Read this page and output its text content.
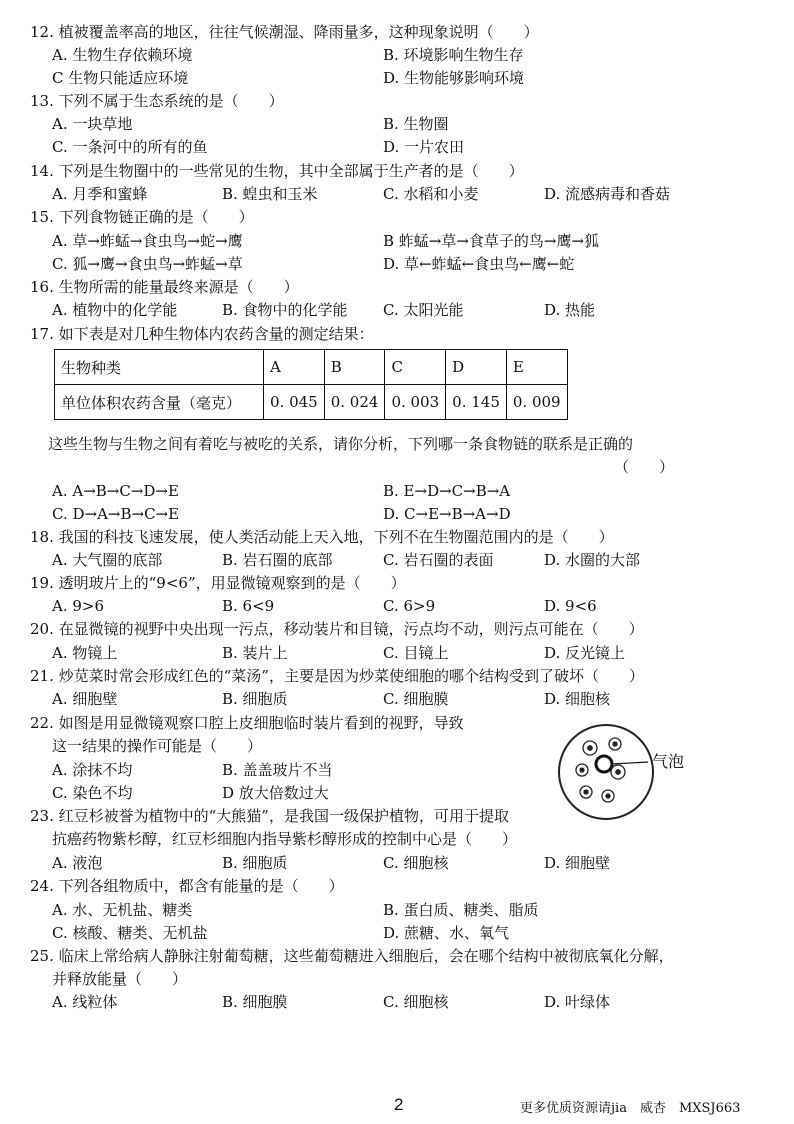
12. 植被覆盖率高的地区，往往气候潮湿、降雨量多，这种现象说明（　　）
A. 生物生存依赖环境	B. 环境影响生物生存
C 生物只能适应环境	D. 生物能够影响环境
13. 下列不属于生态系统的是（　　）
A. 一块草地	B. 生物圈
C. 一条河中的所有的鱼	D. 一片农田
14. 下列是生物圈中的一些常见的生物，其中全部属于生产者的是（　　）
A. 月季和蜜蜂	B. 蝗虫和玉米	C. 水稻和小麦	D. 流感病毒和香菇
15. 下列食物链正确的是（　　）
A. 草→蚱蜢→食虫鸟→蛇→鹰	B 蚱蜢→草→食草子的鸟→鹰→狐
C. 狐→鹰→食虫鸟→蚱蜢→草	D. 草←蚱蜢←食虫鸟←鹰←蛇
16. 生物所需的能量最终来源是（　　）
A. 植物中的化学能	B. 食物中的化学能 C. 太阳光能	D. 热能
17. 如下表是对几种生物体内农药含量的测定结果：
生物种类	A	B	C	D	E
单位体积农药含量（毫克）	0. 045	0. 024	0. 003	0. 145	0. 009
这些生物与生物之间有着吃与被吃的关系，请你分析，下列哪一条食物链的联系是正确的
（　　）
A. A→B→C→D→E	B. E→D→C→B→A
C. D→A→B→C→E	D. C→E→B→A→D
18. 我国的科技飞速发展，使人类活动能上天入地，下列不在生物圈范围内的是（　　）
A. 大气圈的底部	B. 岩石圈的底部	C. 岩石圈的表面	D. 水圈的大部
19. 透明玻片上的“9<6”，用显微镜观察到的是（　　）
A. 9>6	B. 6<9	C. 6>9	D. 9<6
20. 在显微镜的视野中央出现一污点，移动装片和目镜，污点均不动，则污点可能在（　　）
A. 物镜上	B. 装片上	C. 目镜上	D. 反光镜上
21. 炒苋菜时常会形成红色的“菜汤”，主要是因为炒菜使细胞的哪个结构受到了破坏（　　）
A. 细胞壁	B. 细胞质	C. 细胞膜	D. 细胞核
22. 如图是用显微镜观察口腔上皮细胞临时装片看到的视野，导致
这一结果的操作可能是（　　）
A. 涂抹不均	B. 盖盖玻片不当
C. 染色不均	D 放大倍数过大
气泡
23. 红豆杉被誉为植物中的“大熊猫”，是我国一级保护植物，可用于提取
抗癌药物紫杉醇，红豆杉细胞内指导紫杉醇形成的控制中心是（　　）
A. 液泡	B. 细胞质	C. 细胞核	D. 细胞壁
24. 下列各组物质中，都含有能量的是（　　）
A. 水、无机盐、糖类	B. 蛋白质、糖类、脂质
C. 核酸、糖类、无机盐	D. 蔗糖、水、氧气
25. 临床上常给病人静脉注射葡萄糖，这些葡萄糖进入细胞后，会在哪个结构中被彻底氧化分解，
并释放能量（　　）
A. 线粒体	B. 细胞膜	C. 细胞核	D. 叶绿体
2	更多优质资源请jia　威杏　MXSJ663
